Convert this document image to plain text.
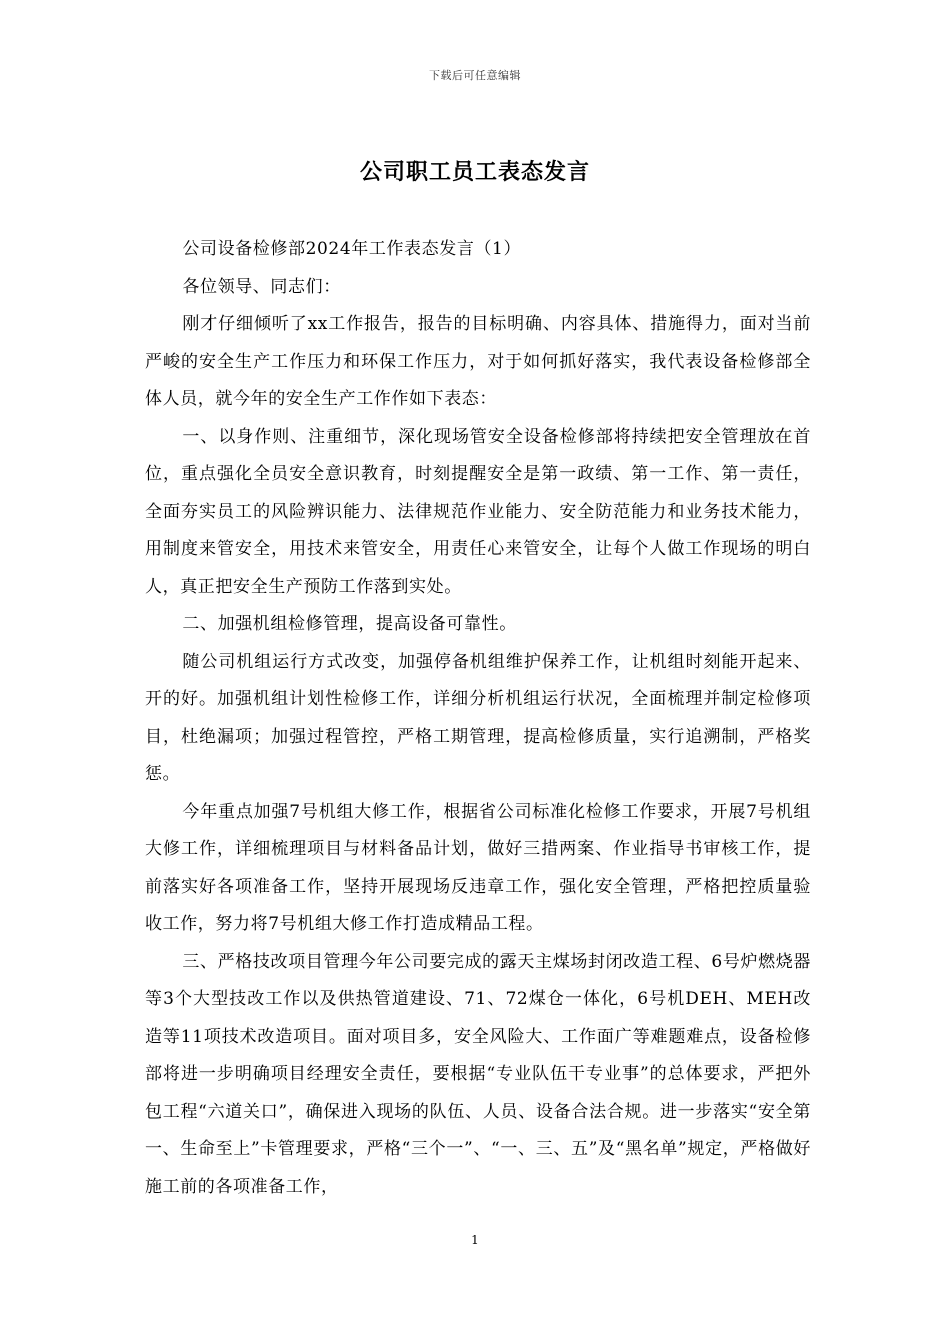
下载后可任意编辑
公司职工员工表态发言

公司设备检修部2024年工作表态发言（1）

各位领导、同志们：

刚才仔细倾听了xx工作报告，报告的目标明确、内容具体、措施得力，面对当前严峻的安全生产工作压力和环保工作压力，对于如何抓好落实，我代表设备检修部全体人员，就今年的安全生产工作作如下表态：

一、以身作则、注重细节，深化现场管安全设备检修部将持续把安全管理放在首位，重点强化全员安全意识教育，时刻提醒安全是第一政绩、第一工作、第一责任，全面夯实员工的风险辨识能力、法律规范作业能力、安全防范能力和业务技术能力，用制度来管安全，用技术来管安全，用责任心来管安全，让每个人做工作现场的明白人，真正把安全生产预防工作落到实处。

二、加强机组检修管理，提高设备可靠性。

随公司机组运行方式改变，加强停备机组维护保养工作，让机组时刻能开起来、开的好。加强机组计划性检修工作，详细分析机组运行状况，全面梳理并制定检修项目，杜绝漏项；加强过程管控，严格工期管理，提高检修质量，实行追溯制，严格奖惩。

今年重点加强7号机组大修工作，根据省公司标准化检修工作要求，开展7号机组大修工作，详细梳理项目与材料备品计划，做好三措两案、作业指导书审核工作，提前落实好各项准备工作，坚持开展现场反违章工作，强化安全管理，严格把控质量验收工作，努力将7号机组大修工作打造成精品工程。

三、严格技改项目管理今年公司要完成的露天主煤场封闭改造工程、6号炉燃烧器等3个大型技改工作以及供热管道建设、71、72煤仓一体化，6号机DEH、MEH改造等11项技术改造项目。面对项目多，安全风险大、工作面广等难题难点，设备检修部将进一步明确项目经理安全责任，要根据“专业队伍干专业事”的总体要求，严把外包工程“六道关口”，确保进入现场的队伍、人员、设备合法合规。进一步落实“安全第一、生命至上”卡管理要求，严格“三个一”、“一、三、五”及“黑名单”规定，严格做好施工前的各项准备工作，

1
